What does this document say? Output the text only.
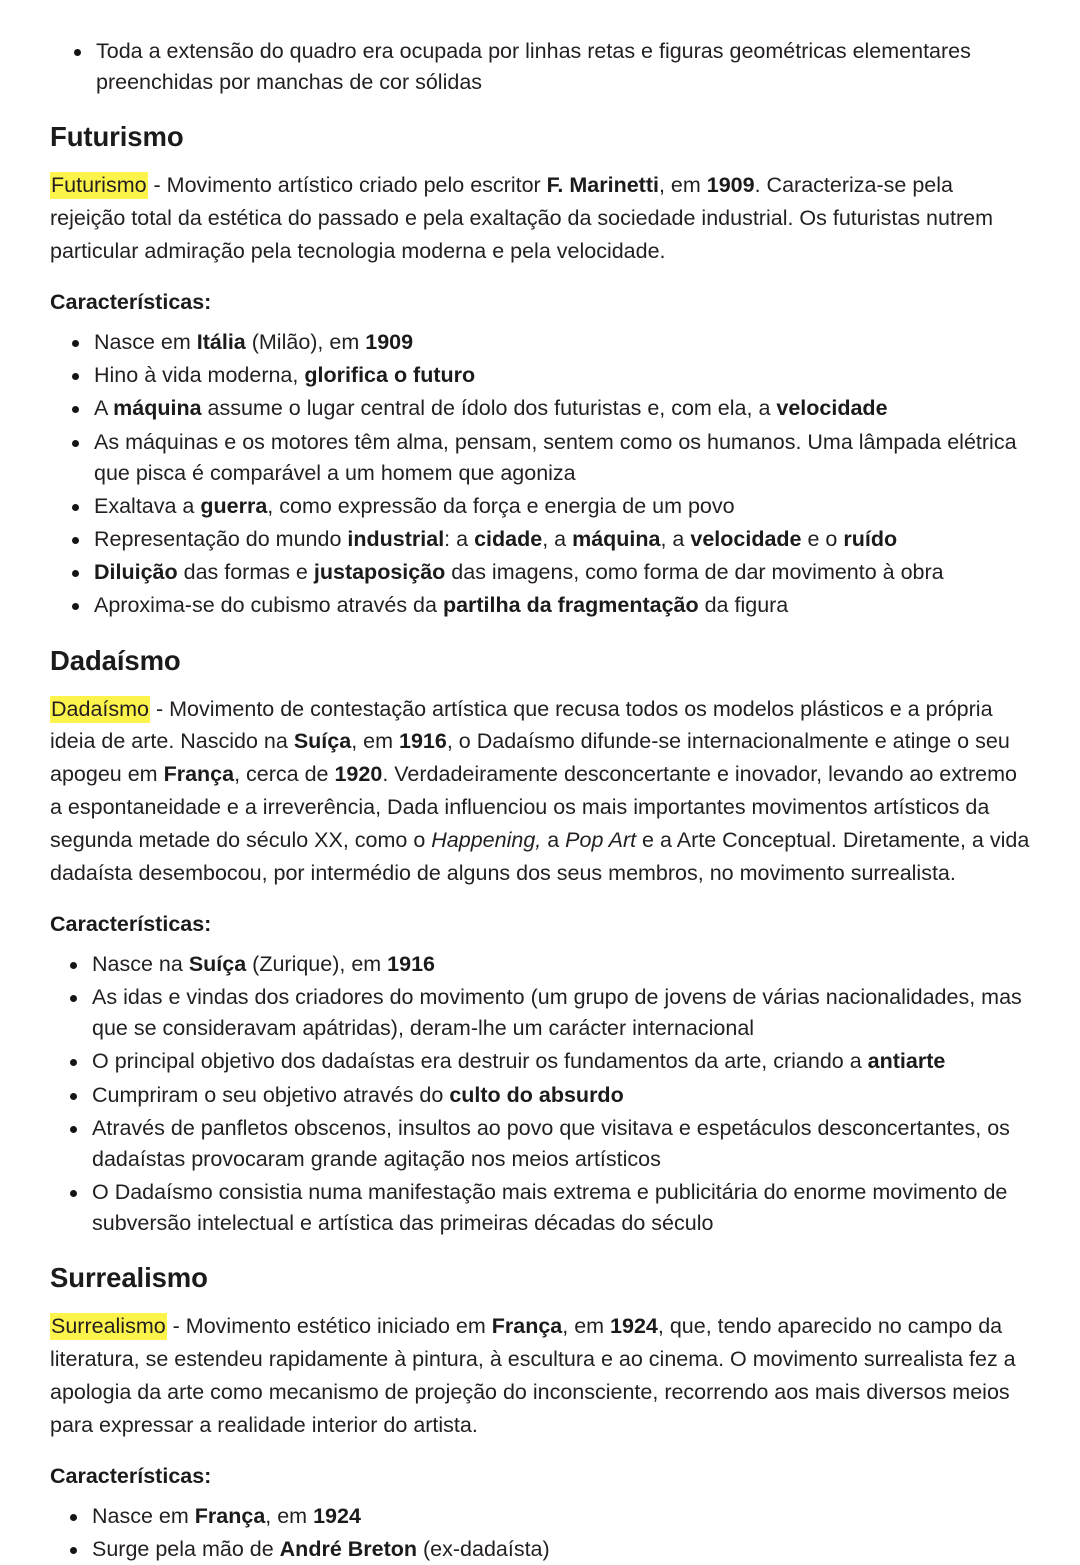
Toda a extensão do quadro era ocupada por linhas retas e figuras geométricas elementares preenchidas por manchas de cor sólidas
Futurismo

Futurismo - Movimento artístico criado pelo escritor F. Marinetti, em 1909. Caracteriza-se pela rejeição total da estética do passado e pela exaltação da sociedade industrial. Os futuristas nutrem particular admiração pela tecnologia moderna e pela velocidade.

Características:
Nasce em Itália (Milão), em 1909
Hino à vida moderna, glorifica o futuro
A máquina assume o lugar central de ídolo dos futuristas e, com ela, a velocidade
As máquinas e os motores têm alma, pensam, sentem como os humanos. Uma lâmpada elétrica que pisca é comparável a um homem que agoniza
Exaltava a guerra, como expressão da força e energia de um povo
Representação do mundo industrial: a cidade, a máquina, a velocidade e o ruído
Diluição das formas e justaposição das imagens, como forma de dar movimento à obra
Aproxima-se do cubismo através da partilha da fragmentação da figura
Dadaísmo

Dadaísmo - Movimento de contestação artística que recusa todos os modelos plásticos e a própria ideia de arte. Nascido na Suíça, em 1916, o Dadaísmo difunde-se internacionalmente e atinge o seu apogeu em França, cerca de 1920. Verdadeiramente desconcertante e inovador, levando ao extremo a espontaneidade e a irreverência, Dada influenciou os mais importantes movimentos artísticos da segunda metade do século XX, como o Happening, a Pop Art e a Arte Conceptual. Diretamente, a vida dadaísta desembocou, por intermédio de alguns dos seus membros, no movimento surrealista.

Características:
Nasce na Suíça (Zurique), em 1916
As idas e vindas dos criadores do movimento (um grupo de jovens de várias nacionalidades, mas que se consideravam apátridas), deram-lhe um carácter internacional
O principal objetivo dos dadaístas era destruir os fundamentos da arte, criando a antiarte
Cumpriram o seu objetivo através do culto do absurdo
Através de panfletos obscenos, insultos ao povo que visitava e espetáculos desconcertantes, os dadaístas provocaram grande agitação nos meios artísticos
O Dadaísmo consistia numa manifestação mais extrema e publicitária do enorme movimento de subversão intelectual e artística das primeiras décadas do século
Surrealismo

Surrealismo - Movimento estético iniciado em França, em 1924, que, tendo aparecido no campo da literatura, se estendeu rapidamente à pintura, à escultura e ao cinema. O movimento surrealista fez a apologia da arte como mecanismo de projeção do inconsciente, recorrendo aos mais diversos meios para expressar a realidade interior do artista.

Características:
Nasce em França, em 1924
Surge pela mão de André Breton (ex-dadaísta)
